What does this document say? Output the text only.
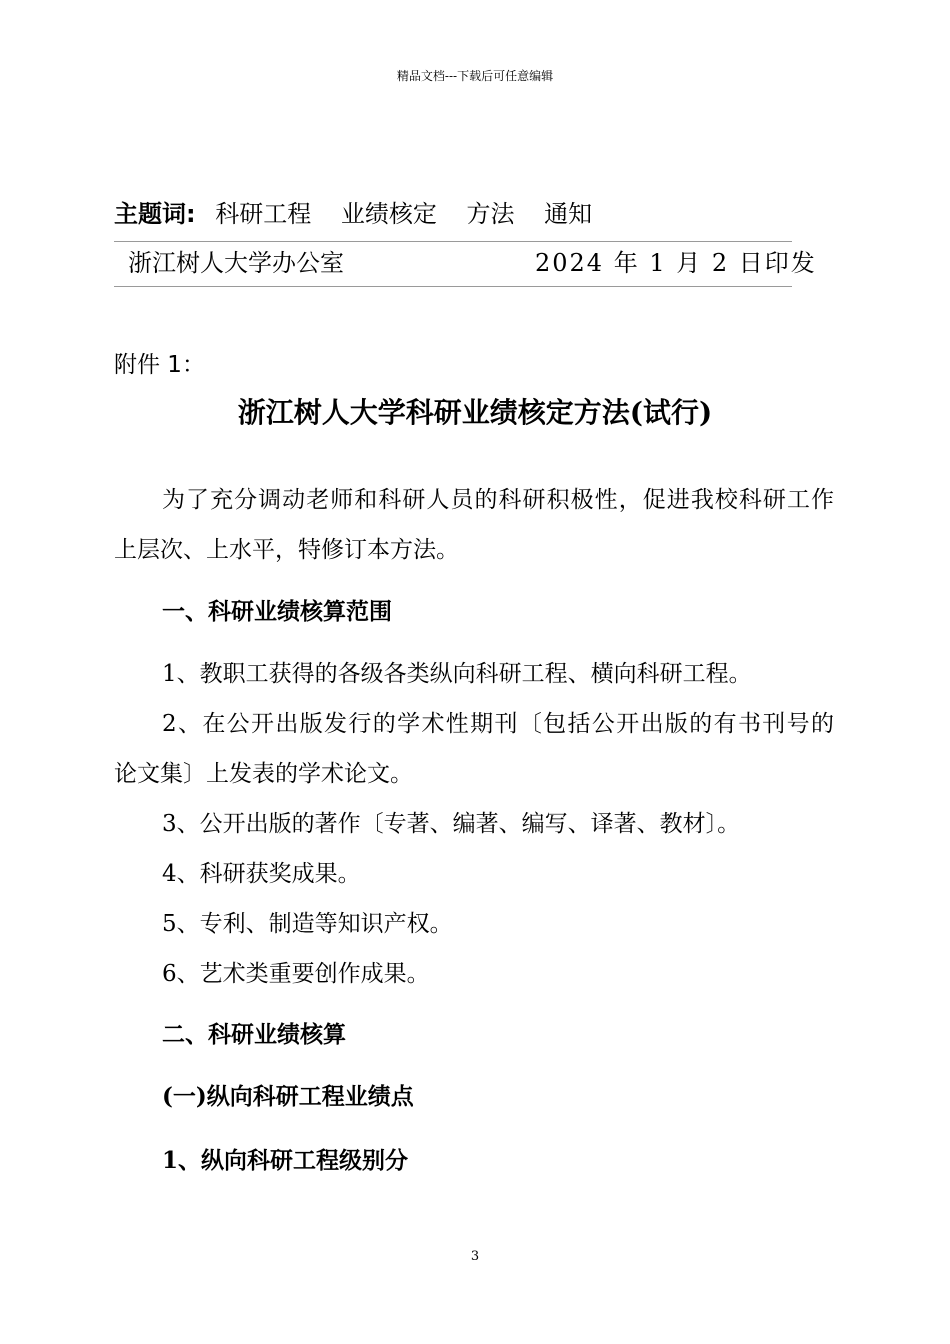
精品文档---下载后可任意编辑
主题词: 科研工程 业绩核定 方法 通知
浙江树人大学办公室	2024 年 1 月 2 日印发
附件 1：
浙江树人大学科研业绩核定方法(试行)
为了充分调动老师和科研人员的科研积极性，促进我校科研工作
上层次、上水平，特修订本方法。
一、科研业绩核算范围
1、教职工获得的各级各类纵向科研工程、横向科研工程。
2、在公开出版发行的学术性期刊〔包括公开出版的有书刊号的
论文集〕上发表的学术论文。
3、公开出版的著作〔专著、编著、编写、译著、教材〕。
4、科研获奖成果。
5、专利、制造等知识产权。
6、艺术类重要创作成果。
二、科研业绩核算
(一)纵向科研工程业绩点
1、纵向科研工程级别分
3
